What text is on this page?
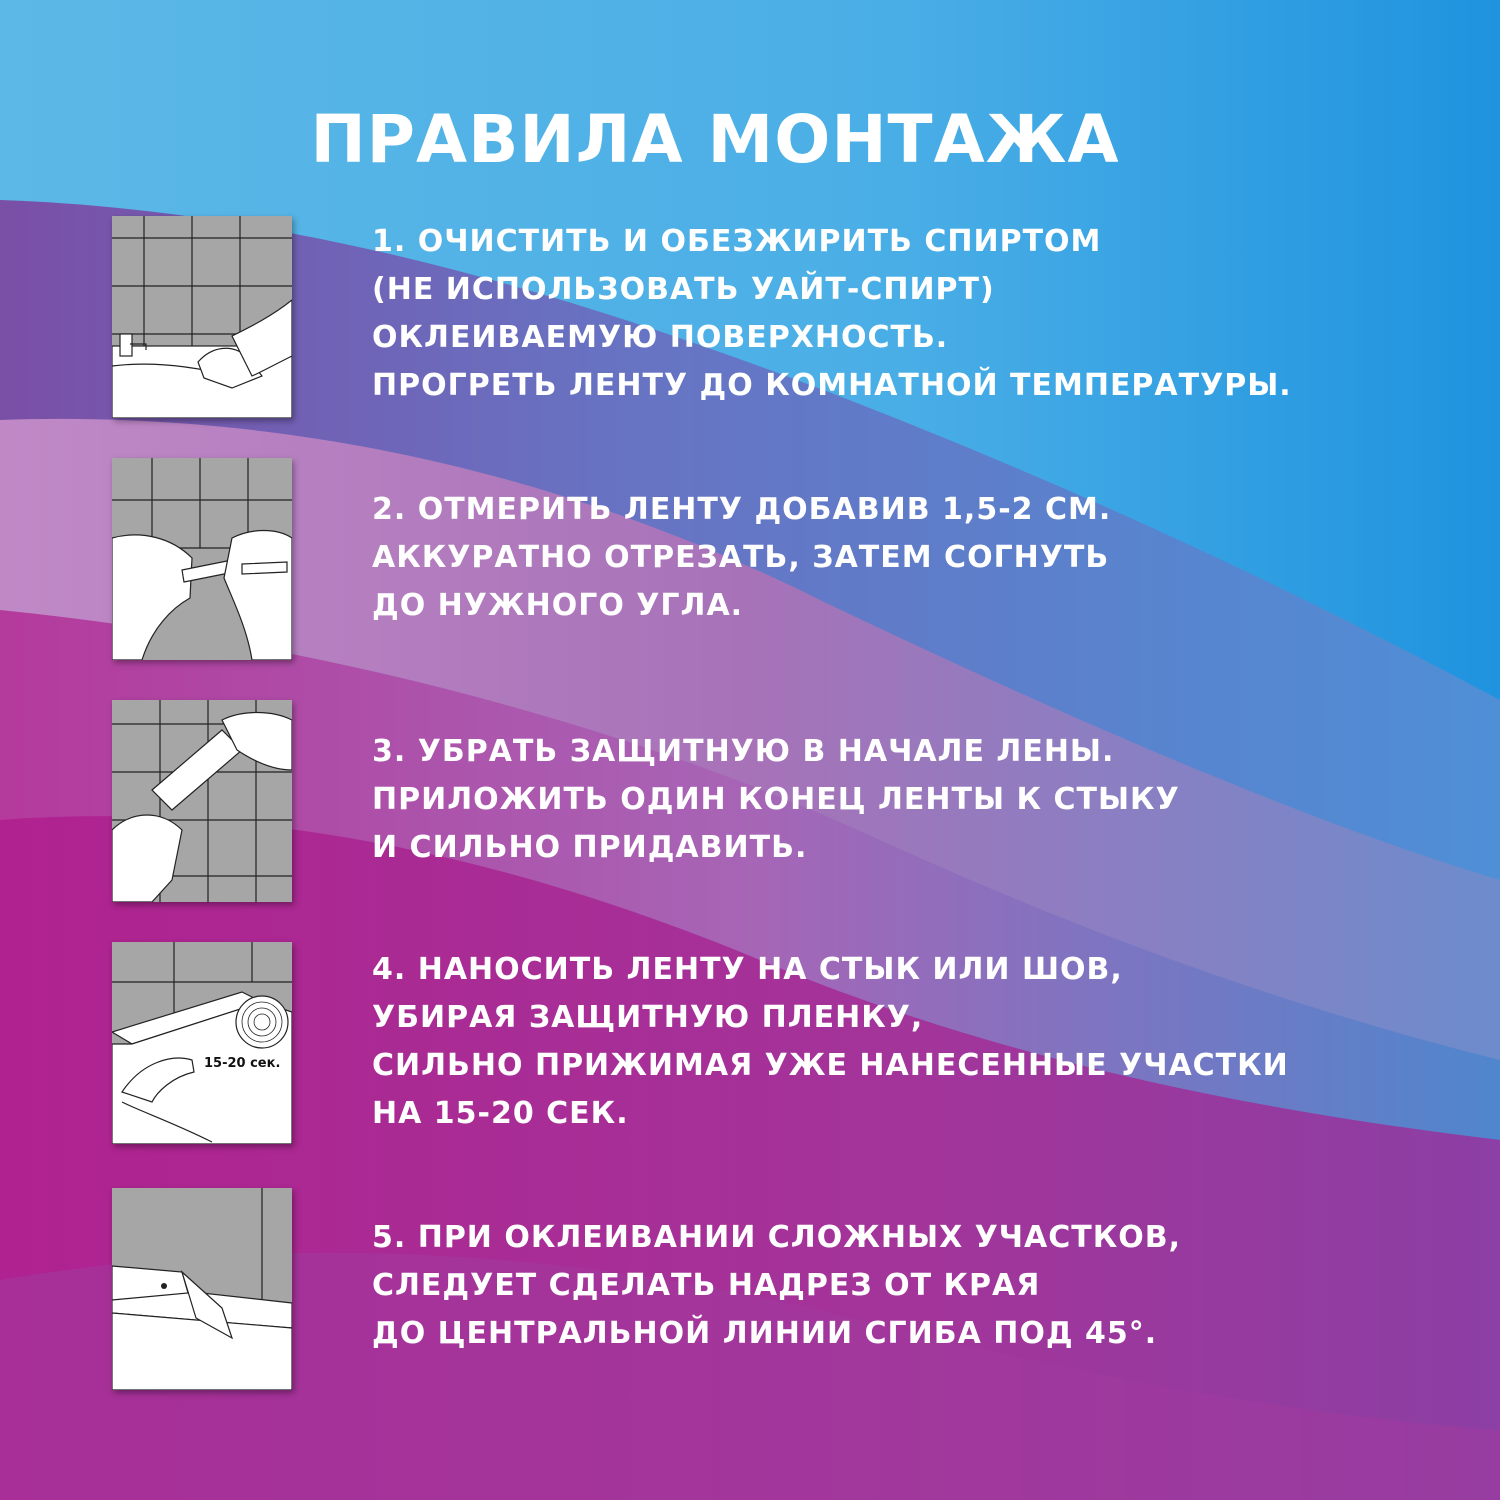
ПРАВИЛА МОНТАЖА
1. ОЧИСТИТЬ И ОБЕЗЖИРИТЬ СПИРТОМ
(НЕ ИСПОЛЬЗОВАТЬ УАЙТ-СПИРТ)
ОКЛЕИВАЕМУЮ ПОВЕРХНОСТЬ.
ПРОГРЕТЬ ЛЕНТУ ДО КОМНАТНОЙ ТЕМПЕРАТУРЫ.
2. ОТМЕРИТЬ ЛЕНТУ ДОБАВИВ 1,5-2 СМ.
АККУРАТНО ОТРЕЗАТЬ, ЗАТЕМ СОГНУТЬ
ДО НУЖНОГО УГЛА.
3. УБРАТЬ ЗАЩИТНУЮ В НАЧАЛЕ ЛЕНЫ.
ПРИЛОЖИТЬ ОДИН КОНЕЦ ЛЕНТЫ К СТЫКУ
И СИЛЬНО ПРИДАВИТЬ.
15-20 сек.
4. НАНОСИТЬ ЛЕНТУ НА СТЫК ИЛИ ШОВ,
УБИРАЯ ЗАЩИТНУЮ ПЛЕНКУ,
СИЛЬНО ПРИЖИМАЯ УЖЕ НАНЕСЕННЫЕ УЧАСТКИ
НА 15-20 СЕК.
5. ПРИ ОКЛЕИВАНИИ СЛОЖНЫХ УЧАСТКОВ,
СЛЕДУЕТ СДЕЛАТЬ НАДРЕЗ ОТ КРАЯ
ДО ЦЕНТРАЛЬНОЙ ЛИНИИ СГИБА ПОД 45°.
